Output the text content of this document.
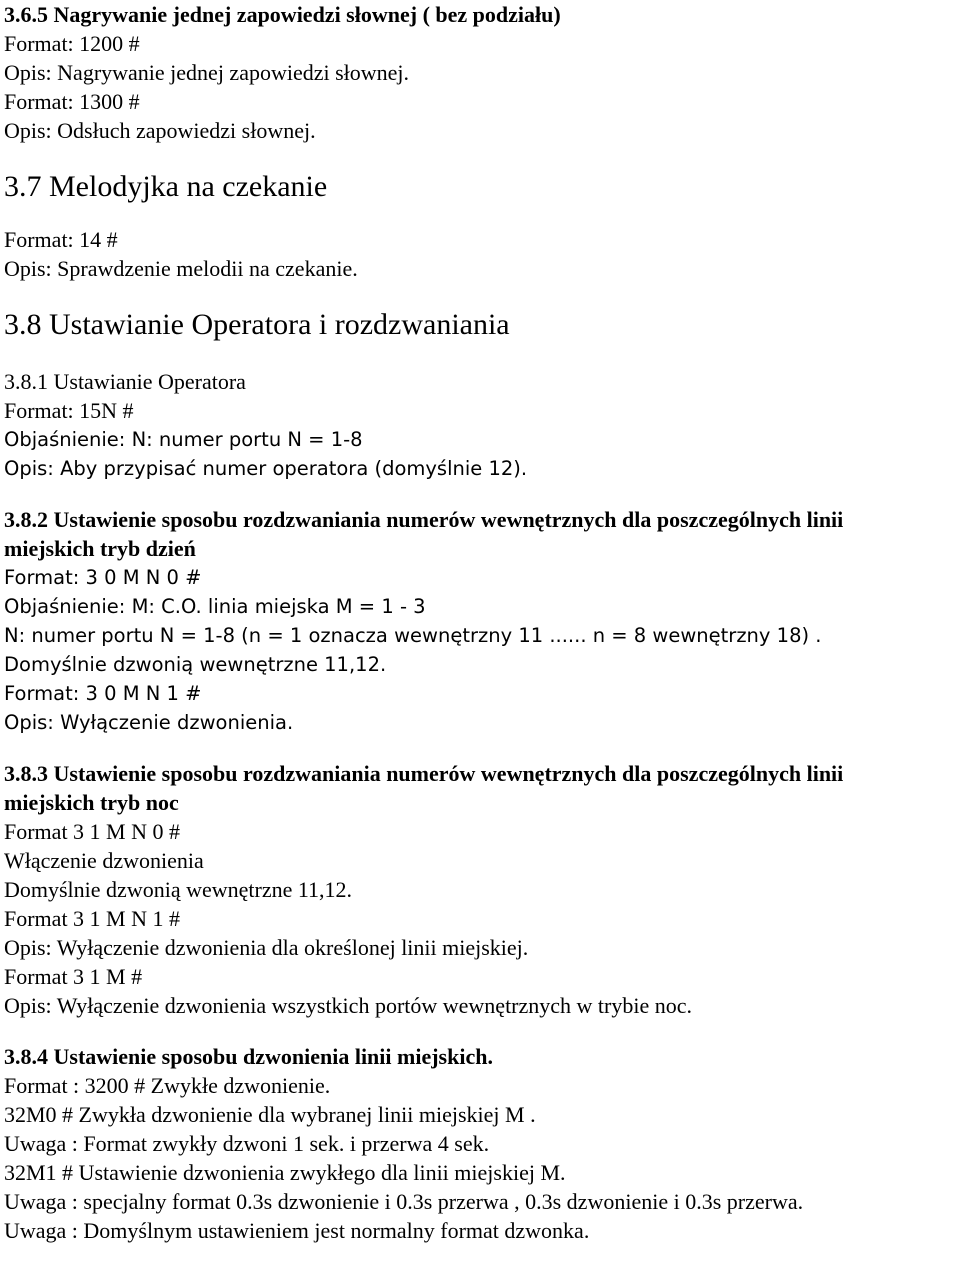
3.6.5 Nagrywanie jednej zapowiedzi słownej ( bez podziału)
Format: 1200 #
Opis: Nagrywanie jednej zapowiedzi słownej.
Format: 1300 #
Opis: Odsłuch zapowiedzi słownej.
3.7 Melodyjka na czekanie
Format: 14 #
Opis: Sprawdzenie melodii na czekanie.
3.8 Ustawianie Operatora i rozdzwaniania
3.8.1 Ustawianie Operatora
Format: 15N #
Objaśnienie: N: numer portu N = 1-8
Opis: Aby przypisać numer operatora (domyślnie 12).
3.8.2 Ustawienie sposobu rozdzwaniania numerów wewnętrznych dla poszczególnych linii
miejskich tryb dzień
Format: 3 0 M N 0 #
Objaśnienie: M: C.O. linia miejska M = 1 - 3
N: numer portu N = 1-8 (n = 1 oznacza wewnętrzny 11 ...... n = 8 wewnętrzny 18) .
Domyślnie dzwonią wewnętrzne 11,12.
Format: 3 0 M N 1 #
Opis: Wyłączenie dzwonienia.
3.8.3 Ustawienie sposobu rozdzwaniania numerów wewnętrznych dla poszczególnych linii
miejskich tryb noc
Format 3 1 M N 0 #
Włączenie dzwonienia
Domyślnie dzwonią wewnętrzne 11,12.
Format 3 1 M N 1 #
Opis: Wyłączenie dzwonienia dla określonej linii miejskiej.
Format 3 1 M #
Opis: Wyłączenie dzwonienia wszystkich portów wewnętrznych w trybie noc.
3.8.4 Ustawienie sposobu dzwonienia linii miejskich.
Format : 3200 # Zwykłe dzwonienie.
32M0 # Zwykła dzwonienie dla wybranej linii miejskiej M .
Uwaga : Format zwykły dzwoni 1 sek. i przerwa 4 sek.
32M1 # Ustawienie dzwonienia zwykłego dla linii miejskiej M.
Uwaga : specjalny format 0.3s dzwonienie i 0.3s przerwa , 0.3s dzwonienie i 0.3s przerwa.
Uwaga : Domyślnym ustawieniem jest normalny format dzwonka.
